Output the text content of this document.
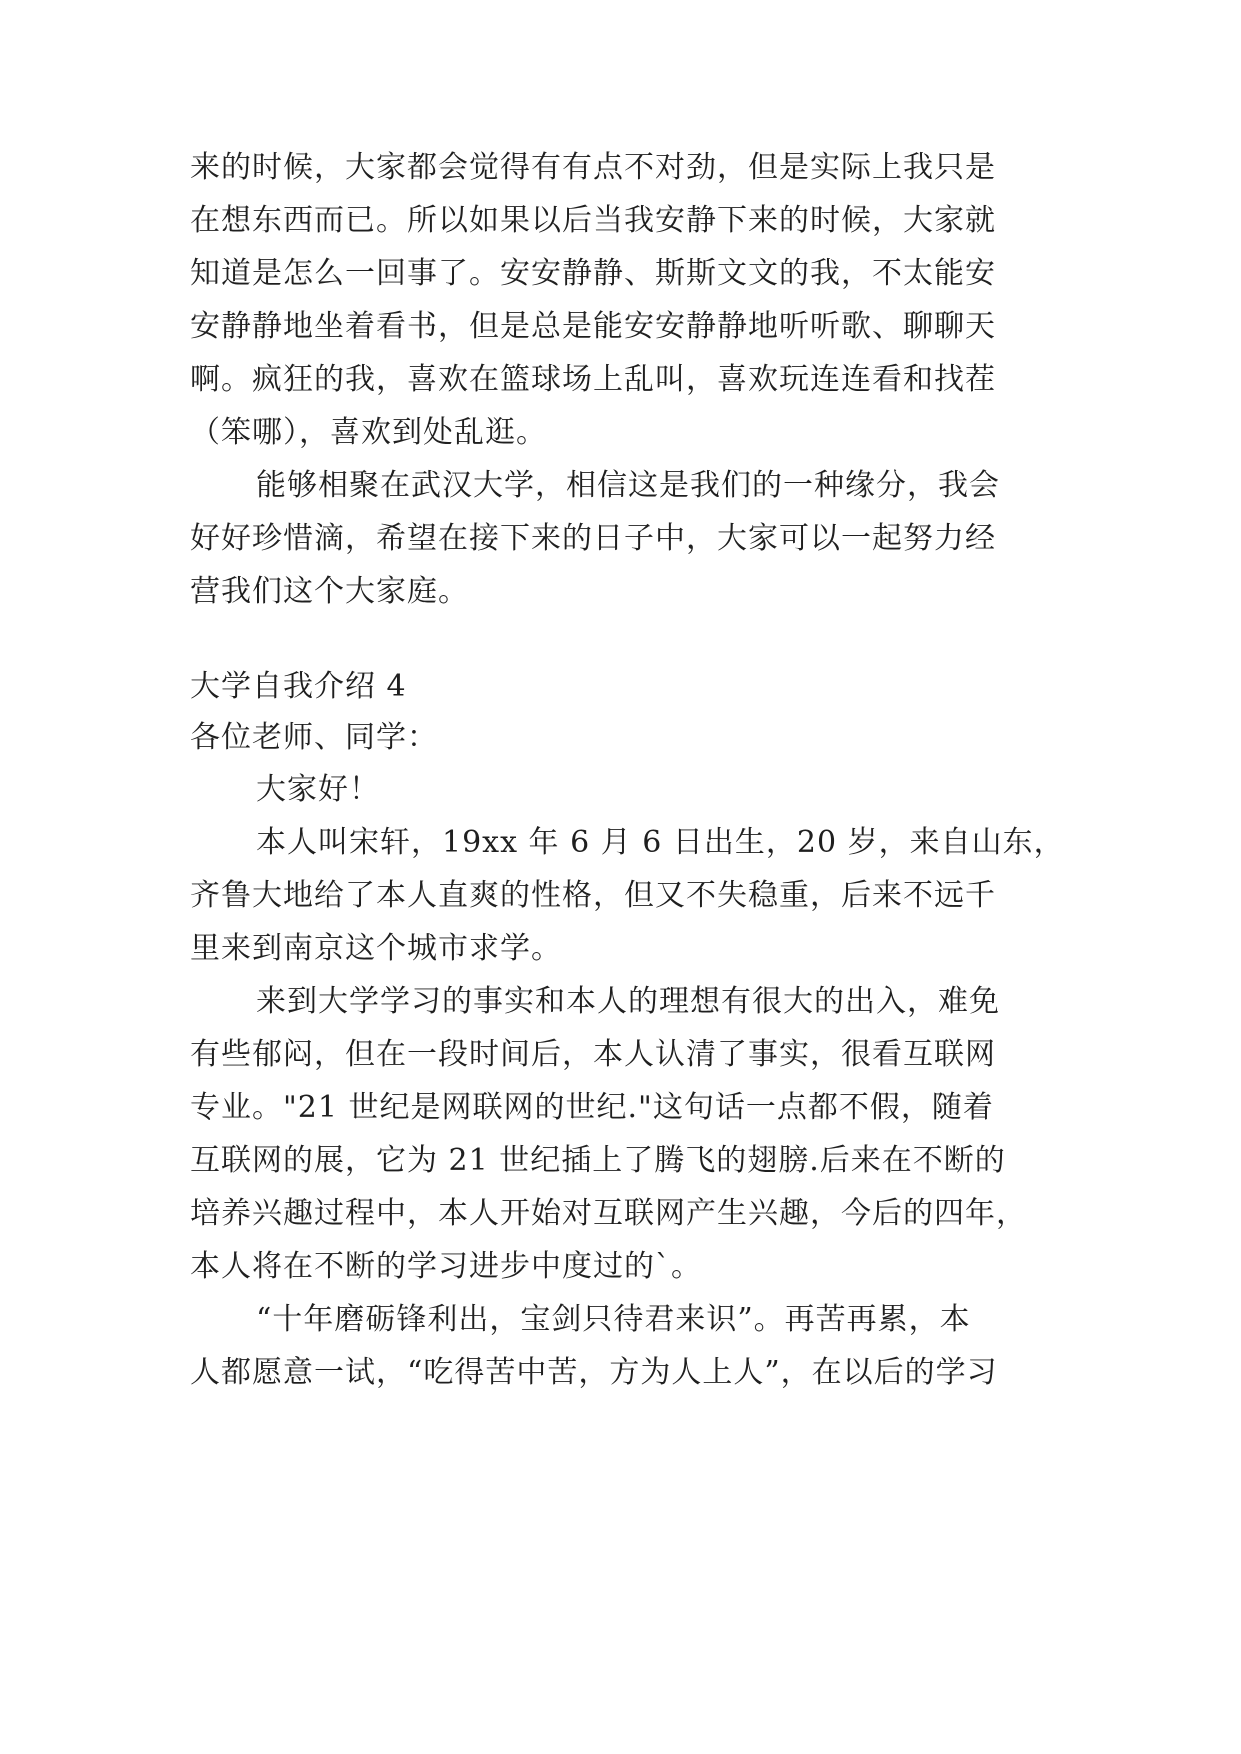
来的时候，大家都会觉得有有点不对劲，但是实际上我只是
在想东西而已。所以如果以后当我安静下来的时候，大家就
知道是怎么一回事了。安安静静、斯斯文文的我，不太能安
安静静地坐着看书，但是总是能安安静静地听听歌、聊聊天
啊。疯狂的我，喜欢在篮球场上乱叫，喜欢玩连连看和找茬
（笨哪），喜欢到处乱逛。
能够相聚在武汉大学，相信这是我们的一种缘分，我会
好好珍惜滴，希望在接下来的日子中，大家可以一起努力经
营我们这个大家庭。
大学自我介绍 4
各位老师、同学：
大家好！
本人叫宋轩，19xx 年 6 月 6 日出生，20 岁，来自山东，
齐鲁大地给了本人直爽的性格，但又不失稳重，后来不远千
里来到南京这个城市求学。
来到大学学习的事实和本人的理想有很大的出入，难免
有些郁闷，但在一段时间后，本人认清了事实，很看互联网
专业。"21 世纪是网联网的世纪."这句话一点都不假，随着
互联网的展，它为 21 世纪插上了腾飞的翅膀.后来在不断的
培养兴趣过程中，本人开始对互联网产生兴趣，今后的四年，
本人将在不断的学习进步中度过的`。
“十年磨砺锋利出，宝剑只待君来识”。再苦再累，本
人都愿意一试，“吃得苦中苦，方为人上人”，在以后的学习
